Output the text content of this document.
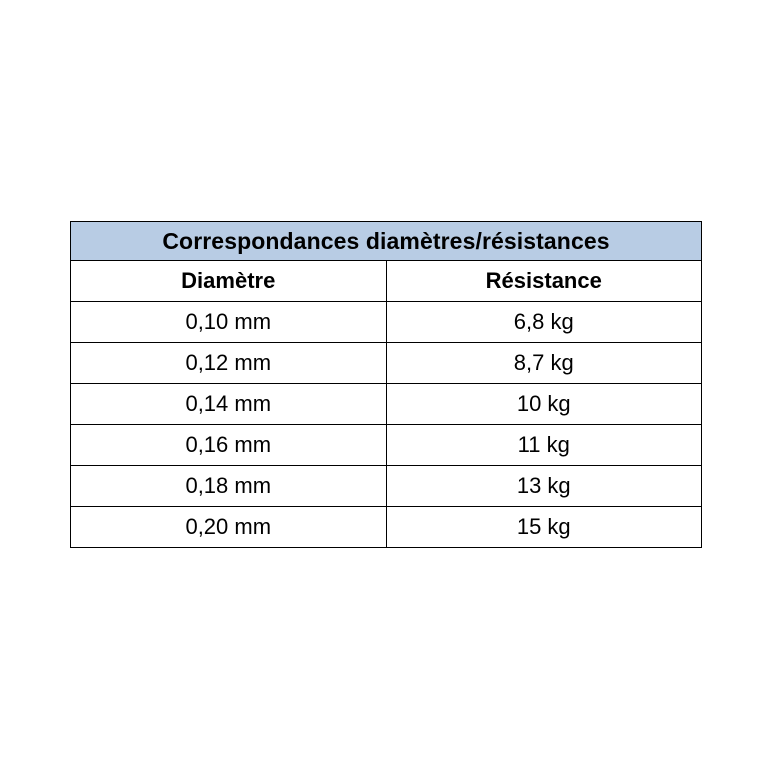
Correspondances diamètres/résistances	
Diamètre	Résistance
0,10 mm	6,8 kg
0,12 mm	8,7 kg
0,14 mm	10 kg
0,16 mm	11 kg
0,18 mm	13 kg
0,20 mm	15 kg
